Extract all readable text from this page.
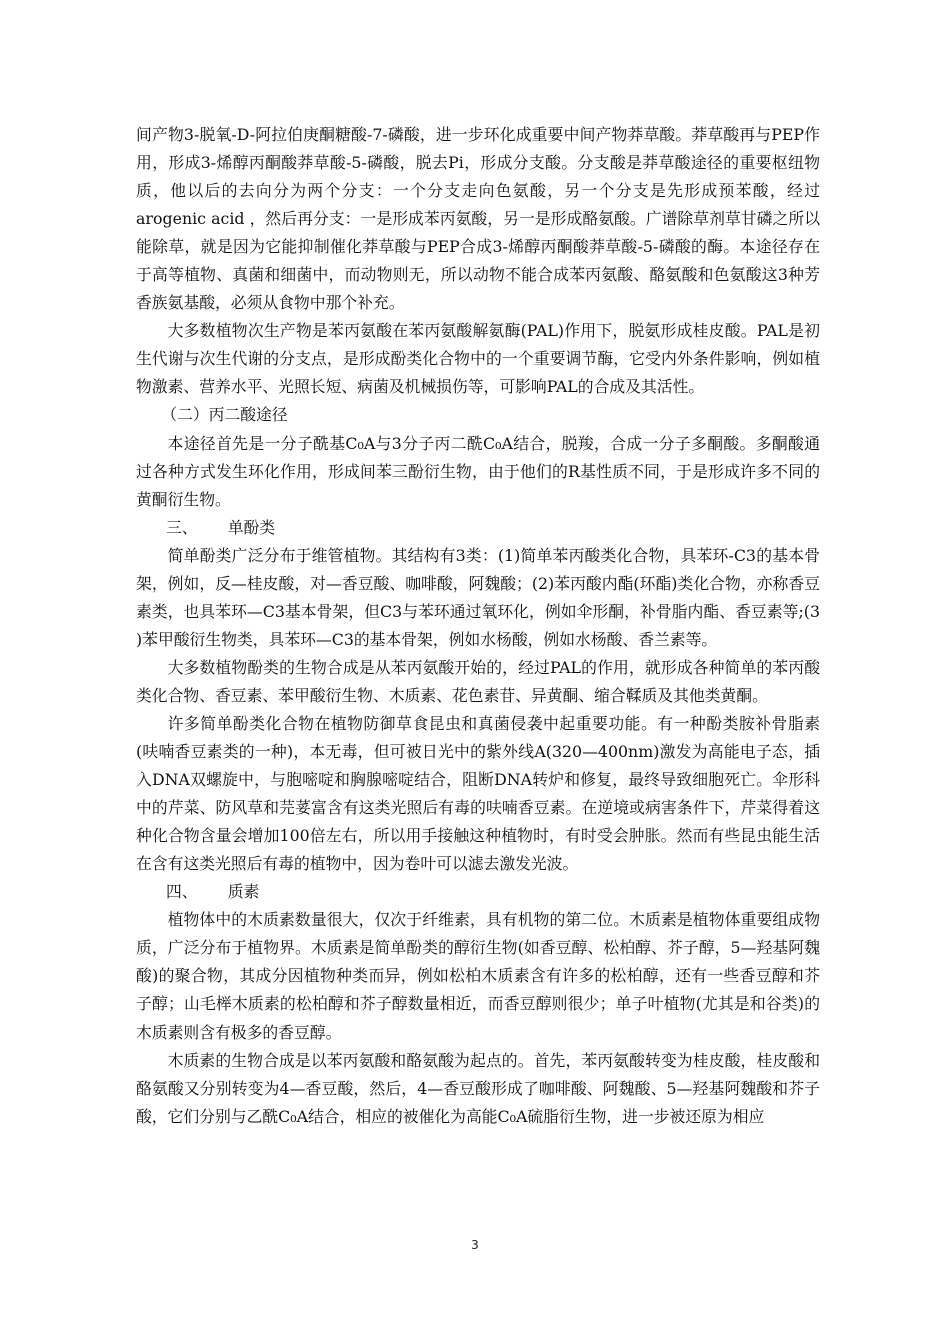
间产物3-脱氧-D-阿拉伯庚酮糖酸-7-磷酸，进一步环化成重要中间产物莽草酸。莽草酸再与PEP作用，形成3-烯醇丙酮酸莽草酸-5-磷酸，脱去Pi，形成分支酸。分支酸是莽草酸途径的重要枢纽物质，他以后的去向分为两个分支：一个分支走向色氨酸，另一个分支是先形成预苯酸，经过arogenic acid ，然后再分支：一是形成苯丙氨酸，另一是形成酪氨酸。广谱除草剂草甘磷之所以能除草，就是因为它能抑制催化莽草酸与PEP合成3-烯醇丙酮酸莽草酸-5-磷酸的酶。本途径存在于高等植物、真菌和细菌中，而动物则无，所以动物不能合成苯丙氨酸、酪氨酸和色氨酸这3种芳香族氨基酸，必须从食物中那个补充。

大多数植物次生产物是苯丙氨酸在苯丙氨酸解氨酶(PAL)作用下，脱氨形成桂皮酸。PAL是初生代谢与次生代谢的分支点，是形成酚类化合物中的一个重要调节酶，它受内外条件影响，例如植物激素、营养水平、光照长短、病菌及机械损伤等，可影响PAL的合成及其活性。

（二）丙二酸途径

本途径首先是一分子酰基C₀A与3分子丙二酰C₀A结合，脱羧，合成一分子多酮酸。多酮酸通过各种方式发生环化作用，形成间苯三酚衍生物，由于他们的R基性质不同，于是形成许多不同的黄酮衍生物。

三、      单酚类

简单酚类广泛分布于维管植物。其结构有3类：(1)简单苯丙酸类化合物，具苯环-C3的基本骨架，例如，反—桂皮酸，对—香豆酸、咖啡酸，阿魏酸；(2)苯丙酸内酯(环酯)类化合物，亦称香豆素类，也具苯环—C3基本骨架，但C3与苯环通过氧环化，例如伞形酮，补骨脂内酯、香豆素等;(3 )苯甲酸衍生物类，具苯环—C3的基本骨架，例如水杨酸，例如水杨酸、香兰素等。

大多数植物酚类的生物合成是从苯丙氨酸开始的，经过PAL的作用，就形成各种简单的苯丙酸类化合物、香豆素、苯甲酸衍生物、木质素、花色素苷、异黄酮、缩合鞣质及其他类黄酮。

许多简单酚类化合物在植物防御草食昆虫和真菌侵袭中起重要功能。有一种酚类胺补骨脂素(呋喃香豆素类的一种)，本无毒，但可被日光中的紫外线A(320—400nm)激发为高能电子态，插入DNA双螺旋中，与胞嘧啶和胸腺嘧啶结合，阻断DNA转炉和修复，最终导致细胞死亡。伞形科中的芹菜、防风草和芫荽富含有这类光照后有毒的呋喃香豆素。在逆境或病害条件下，芹菜得着这种化合物含量会增加100倍左右，所以用手接触这种植物时，有时受会肿胀。然而有些昆虫能生活在含有这类光照后有毒的植物中，因为卷叶可以滤去激发光波。

四、      质素

植物体中的木质素数量很大，仅次于纤维素，具有机物的第二位。木质素是植物体重要组成物质，广泛分布于植物界。木质素是简单酚类的醇衍生物(如香豆醇、松柏醇、芥子醇，5—羟基阿魏酸)的聚合物，其成分因植物种类而异，例如松柏木质素含有许多的松柏醇，还有一些香豆醇和芥子醇；山毛榉木质素的松柏醇和芥子醇数量相近，而香豆醇则很少；单子叶植物(尤其是和谷类)的木质素则含有极多的香豆醇。

木质素的生物合成是以苯丙氨酸和酪氨酸为起点的。首先，苯丙氨酸转变为桂皮酸，桂皮酸和酪氨酸又分别转变为4—香豆酸，然后，4—香豆酸形成了咖啡酸、阿魏酸、5—羟基阿魏酸和芥子酸，它们分别与乙酰C₀A结合，相应的被催化为高能C₀A硫脂衍生物，进一步被还原为相应

3
